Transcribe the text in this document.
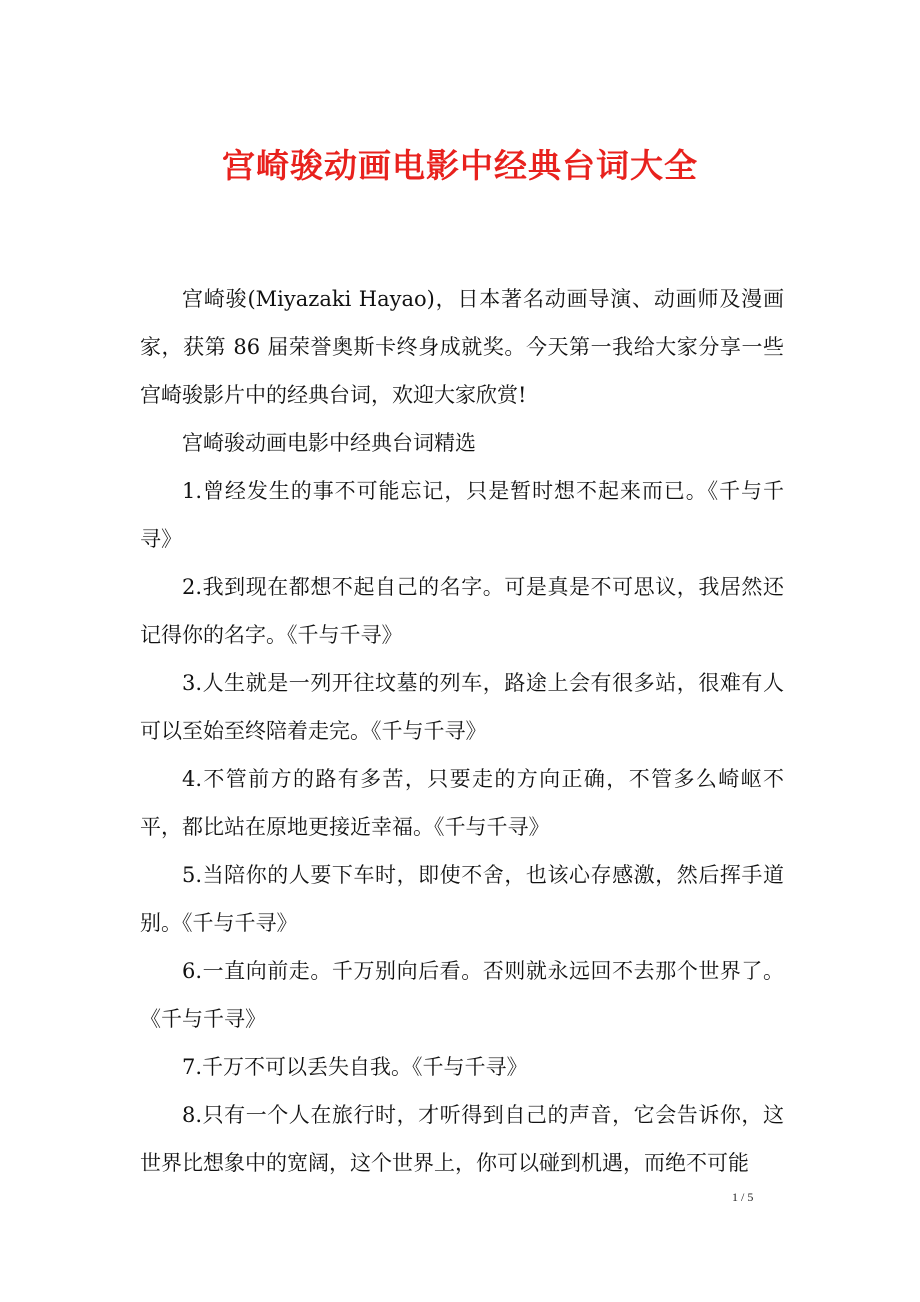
宫崎骏动画电影中经典台词大全

宫崎骏(Miyazaki Hayao)，日本著名动画导演、动画师及漫画家，获第 86 届荣誉奥斯卡终身成就奖。今天第一我给大家分享一些宫崎骏影片中的经典台词，欢迎大家欣赏!

宫崎骏动画电影中经典台词精选

1.曾经发生的事不可能忘记，只是暂时想不起来而已。《千与千寻》

2.我到现在都想不起自己的名字。可是真是不可思议，我居然还记得你的名字。《千与千寻》

3.人生就是一列开往坟墓的列车，路途上会有很多站，很难有人可以至始至终陪着走完。《千与千寻》

4.不管前方的路有多苦，只要走的方向正确，不管多么崎岖不平，都比站在原地更接近幸福。《千与千寻》

5.当陪你的人要下车时，即使不舍，也该心存感激，然后挥手道别。《千与千寻》

6.一直向前走。千万别向后看。否则就永远回不去那个世界了。《千与千寻》

7.千万不可以丢失自我。《千与千寻》

8.只有一个人在旅行时，才听得到自己的声音，它会告诉你，这世界比想象中的宽阔，这个世界上，你可以碰到机遇，而绝不可能

1 / 5
